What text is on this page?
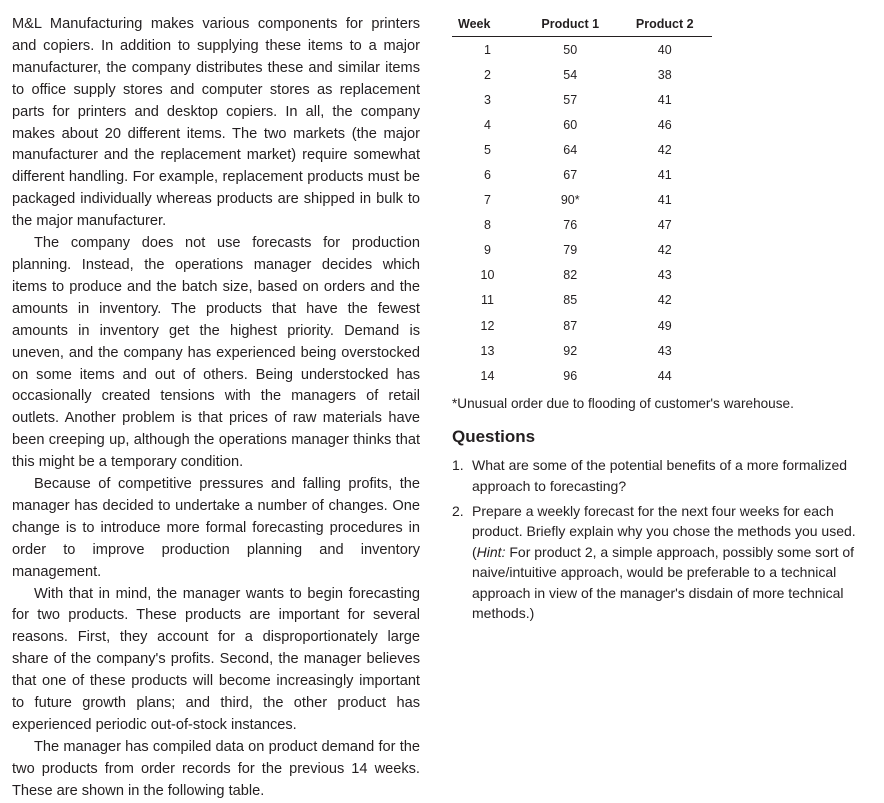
M&L Manufacturing makes various components for printers and copiers. In addition to supplying these items to a major manufacturer, the company distributes these and similar items to office supply stores and computer stores as replacement parts for printers and desktop copiers. In all, the company makes about 20 different items. The two markets (the major manufacturer and the replacement market) require somewhat different handling. For example, replacement products must be packaged individually whereas products are shipped in bulk to the major manufacturer.

The company does not use forecasts for production planning. Instead, the operations manager decides which items to produce and the batch size, based on orders and the amounts in inventory. The products that have the fewest amounts in inventory get the highest priority. Demand is uneven, and the company has experienced being overstocked on some items and out of others. Being understocked has occasionally created tensions with the managers of retail outlets. Another problem is that prices of raw materials have been creeping up, although the operations manager thinks that this might be a temporary condition.

Because of competitive pressures and falling profits, the manager has decided to undertake a number of changes. One change is to introduce more formal forecasting procedures in order to improve production planning and inventory management.

With that in mind, the manager wants to begin forecasting for two products. These products are important for several reasons. First, they account for a disproportionately large share of the company's profits. Second, the manager believes that one of these products will become increasingly important to future growth plans; and third, the other product has experienced periodic out-of-stock instances.

The manager has compiled data on product demand for the two products from order records for the previous 14 weeks. These are shown in the following table.

Week	Product 1	Product 2
1	50	40
2	54	38
3	57	41
4	60	46
5	64	42
6	67	41
7	90*	41
8	76	47
9	79	42
10	82	43
11	85	42
12	87	49
13	92	43
14	96	44
*Unusual order due to flooding of customer's warehouse.
Questions
1. What are some of the potential benefits of a more formalized approach to forecasting?
2. Prepare a weekly forecast for the next four weeks for each product. Briefly explain why you chose the methods you used. (Hint: For product 2, a simple approach, possibly some sort of naive/intuitive approach, would be preferable to a technical approach in view of the manager's disdain of more technical methods.)
